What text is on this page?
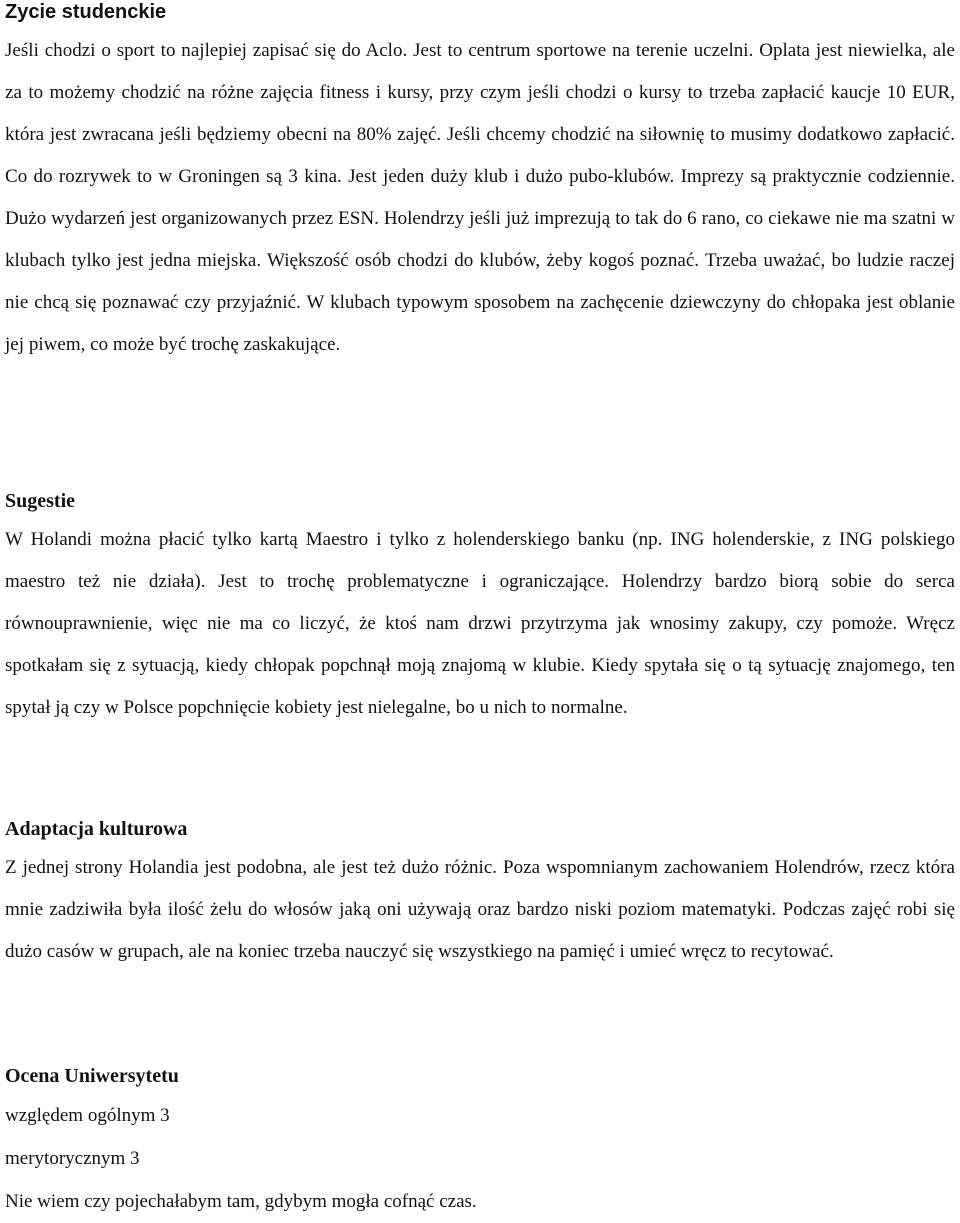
Zycie studenckie

Jeśli chodzi o sport to najlepiej zapisać się do Aclo. Jest to centrum sportowe na terenie uczelni. Oplata jest niewielka, ale za to możemy chodzić na różne zajęcia fitness i kursy, przy czym jeśli chodzi o kursy to trzeba zapłacić kaucje 10 EUR, która jest zwracana jeśli będziemy obecni na 80% zajęć. Jeśli chcemy chodzić na siłownię to musimy dodatkowo zapłacić. Co do rozrywek to w Groningen są 3 kina. Jest jeden duży klub i dużo pubo-klubów. Imprezy są praktycznie codziennie. Dużo wydarzeń jest organizowanych przez ESN. Holendrzy jeśli już imprezują to tak do 6 rano, co ciekawe nie ma szatni w klubach tylko jest jedna miejska. Większość osób chodzi do klubów, żeby kogoś poznać. Trzeba uważać, bo ludzie raczej nie chcą się poznawać czy przyjaźnić. W klubach typowym sposobem na zachęcenie dziewczyny do chłopaka jest oblanie jej piwem, co może być trochę zaskakujące.

Sugestie

W Holandi można płacić tylko kartą Maestro i tylko z holenderskiego banku (np. ING holenderskie, z ING polskiego maestro też nie działa). Jest to trochę problematyczne i ograniczające. Holendrzy bardzo biorą sobie do serca równouprawnienie, więc nie ma co liczyć, że ktoś nam drzwi przytrzyma jak wnosimy zakupy, czy pomoże. Wręcz spotkałam się z sytuacją, kiedy chłopak popchnął moją znajomą w klubie. Kiedy spytała się o tą sytuację znajomego, ten spytał ją czy w Polsce popchnięcie kobiety jest nielegalne, bo u nich to normalne.

Adaptacja kulturowa

Z jednej strony Holandia jest podobna, ale jest też dużo różnic. Poza wspomnianym zachowaniem Holendrów, rzecz która mnie zadziwiła była ilość żelu do włosów jaką oni używają oraz bardzo niski poziom matematyki. Podczas zajęć robi się dużo casów w grupach, ale na koniec trzeba nauczyć się wszystkiego na pamięć i umieć wręcz to recytować.

Ocena Uniwersytetu
względem ogólnym 3
merytorycznym 3
Nie wiem czy pojechałabym tam, gdybym mogła cofnąć czas.
